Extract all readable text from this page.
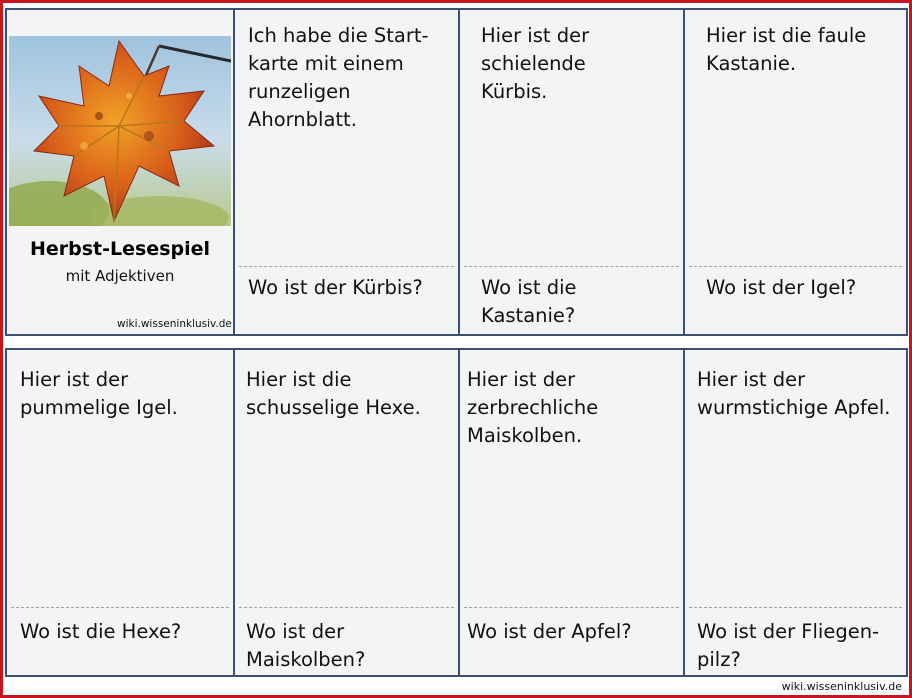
Herbst-Lesespiel
mit Adjektiven
wiki.wisseninklusiv.de
Ich habe die Start-
karte mit einem
runzeligen
Ahornblatt.
Wo ist der Kürbis?
Hier ist der
schielende
Kürbis.
Wo ist die
Kastanie?
Hier ist die faule
Kastanie.
Wo ist der Igel?
Hier ist der
pummelige Igel.
Wo ist die Hexe?
Hier ist die
schusselige Hexe.
Wo ist der
Maiskolben?
Hier ist der
zerbrechliche
Maiskolben.
Wo ist der Apfel?
Hier ist der
wurmstichige Apfel.
Wo ist der Fliegen-
pilz?
wiki.wisseninklusiv.de
